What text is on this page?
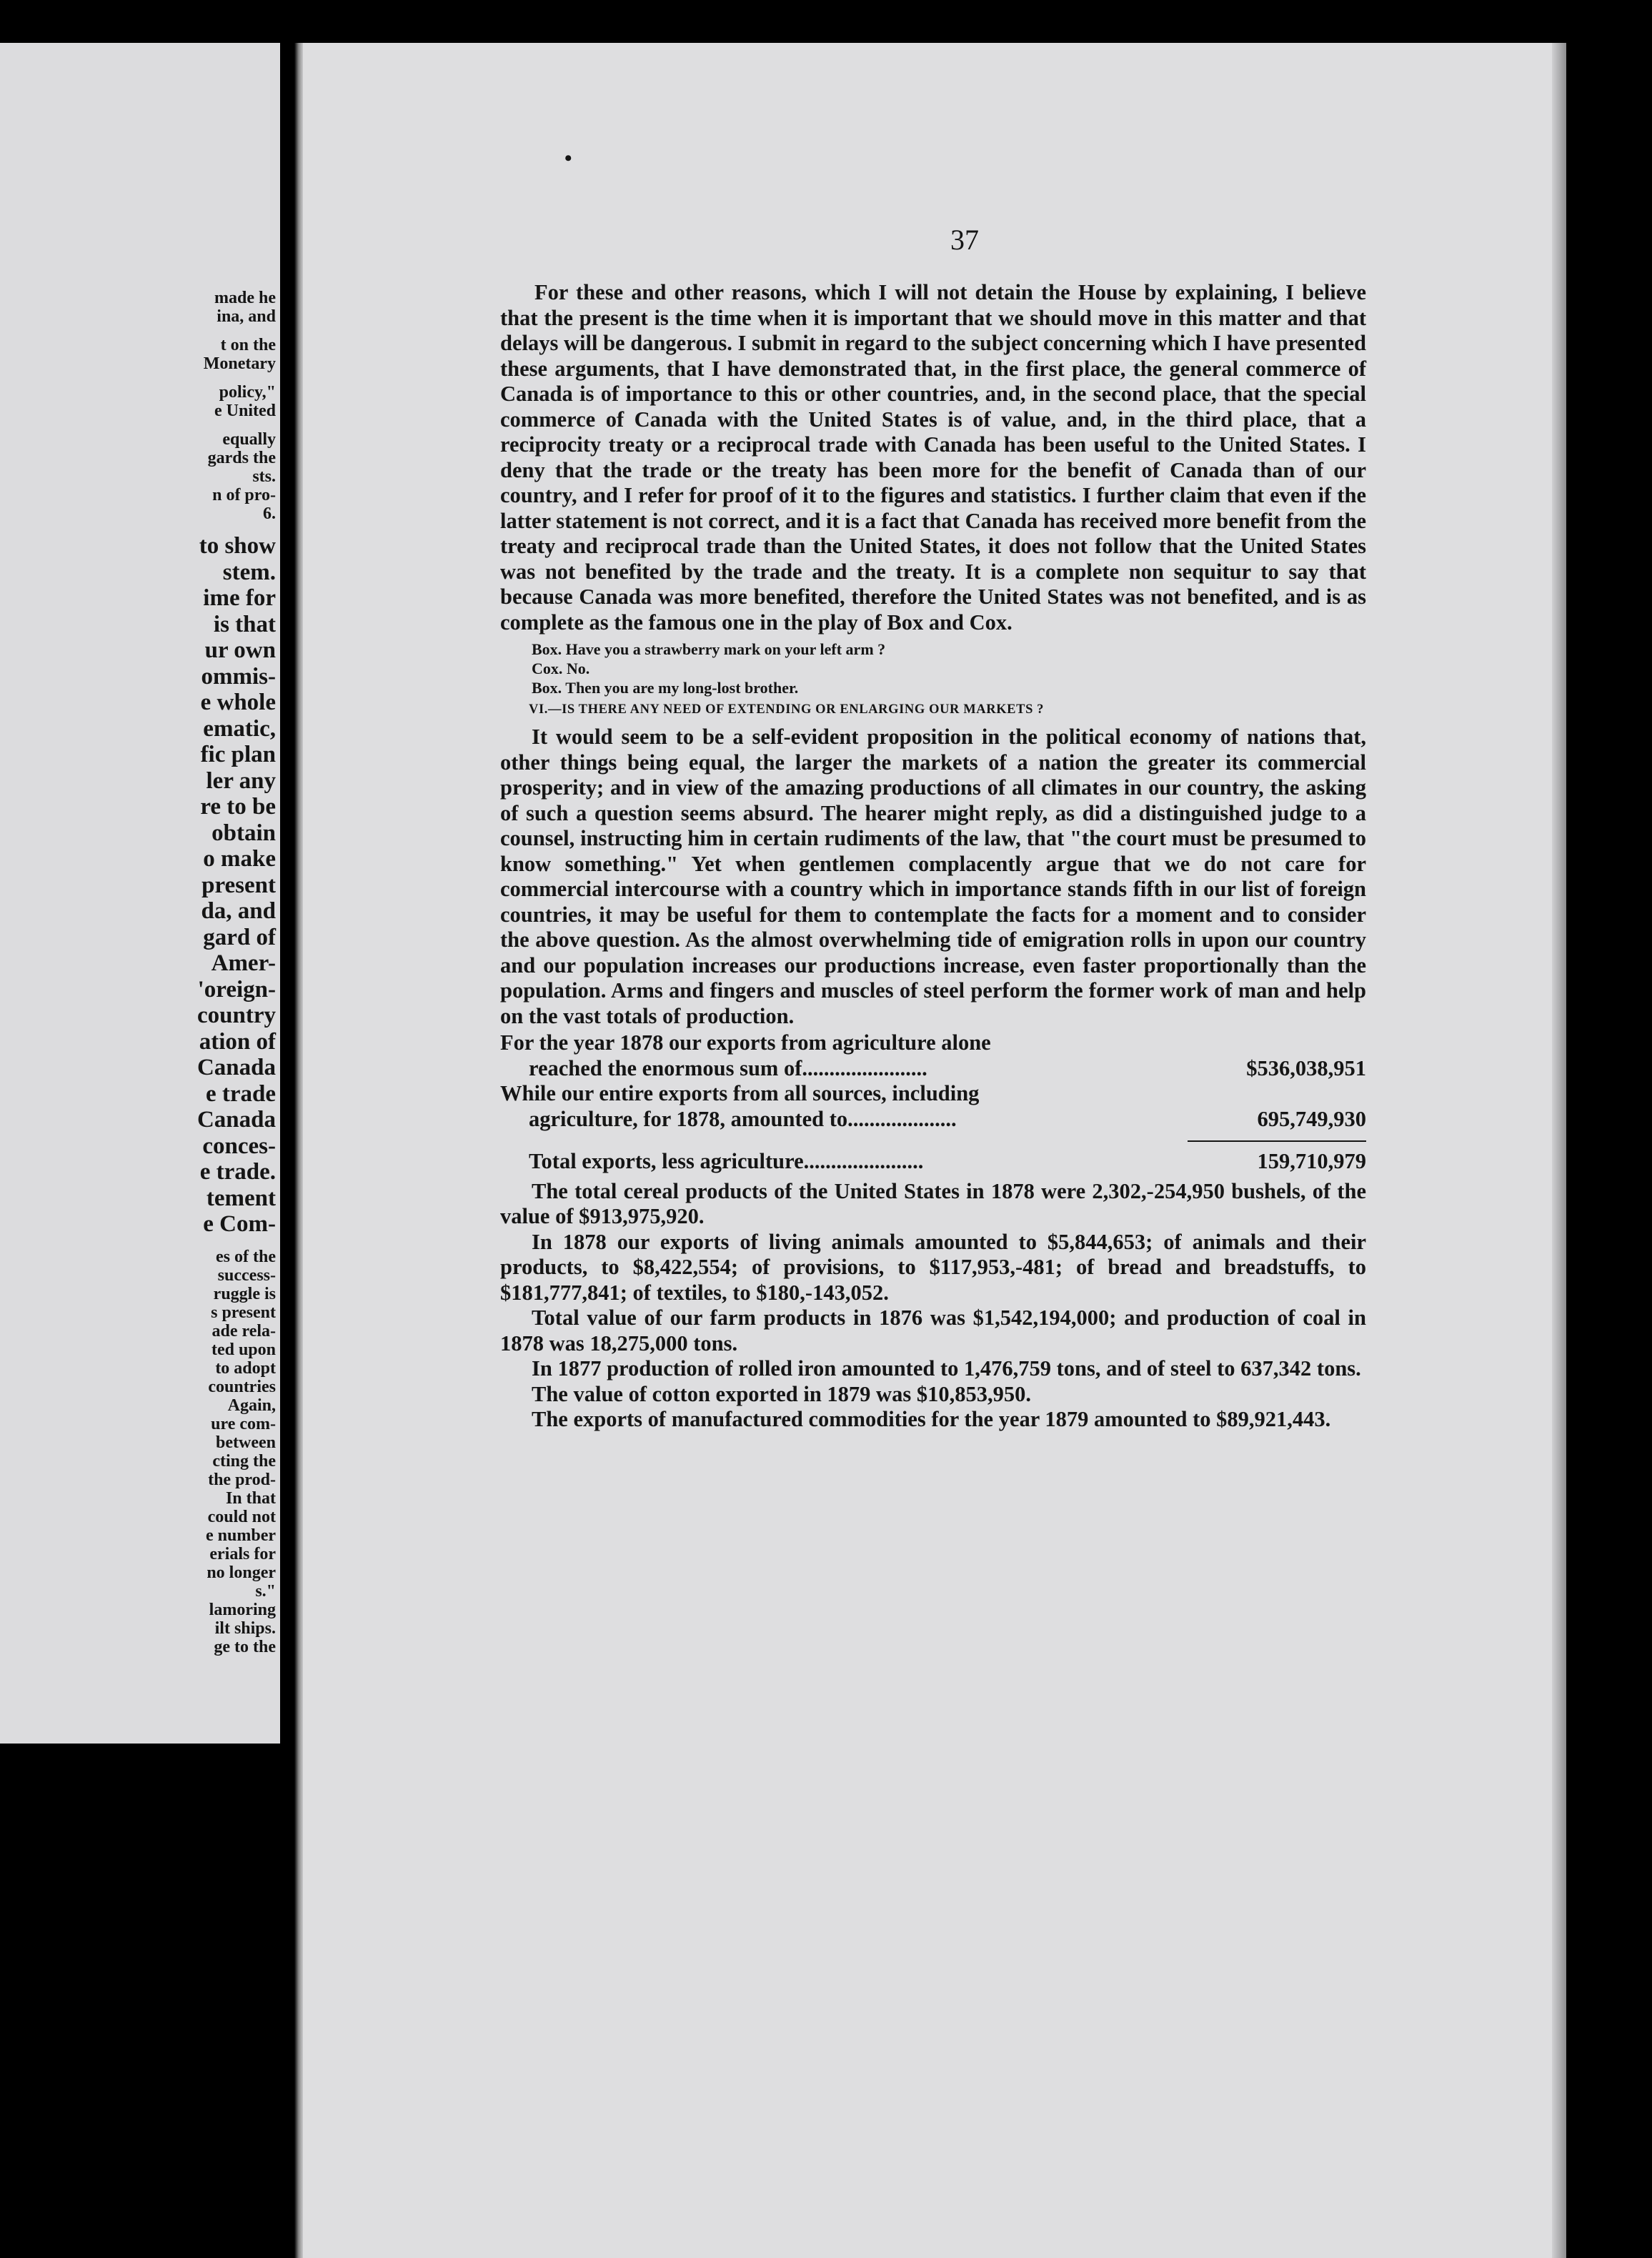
made he
ina, and
t on the
Monetary
policy,"
e United
equally
gards the
sts.
n of pro-
6.
to show
stem.
ime for
is that
ur own
ommis-
e whole
ematic,
fic plan
ler any
re to be
obtain
o make
present
da, and
gard of
Amer-
'oreign-
country
ation of
Canada
e trade
Canada
conces-
e trade.
tement
e Com-
es of the
success-
ruggle is
s present
ade rela-
ted upon
to adopt
countries
Again,
ure com-
between
cting the
the prod-
In that
could not
e number
erials for
no longer
s."
lamoring
ilt ships.
ge to the
•
37

For these and other reasons, which I will not detain the House by explaining, I believe that the present is the time when it is important that we should move in this matter and that delays will be dangerous. I submit in regard to the subject concerning which I have presented these arguments, that I have demonstrated that, in the first place, the general commerce of Canada is of importance to this or other countries, and, in the second place, that the special commerce of Canada with the United States is of value, and, in the third place, that a reciprocity treaty or a reciprocal trade with Canada has been useful to the United States. I deny that the trade or the treaty has been more for the benefit of Canada than of our country, and I refer for proof of it to the figures and statistics. I further claim that even if the latter statement is not correct, and it is a fact that Canada has received more benefit from the treaty and reciprocal trade than the United States, it does not follow that the United States was not benefited by the trade and the treaty. It is a complete non sequitur to say that because Canada was more benefited, therefore the United States was not benefited, and is as complete as the famous one in the play of Box and Cox.

Box. Have you a strawberry mark on your left arm ?
Cox. No.
Box. Then you are my long-lost brother.
VI.—IS THERE ANY NEED OF EXTENDING OR ENLARGING OUR MARKETS ?

It would seem to be a self-evident proposition in the political economy of nations that, other things being equal, the larger the markets of a nation the greater its commercial prosperity; and in view of the amazing productions of all climates in our country, the asking of such a question seems absurd. The hearer might reply, as did a distinguished judge to a counsel, instructing him in certain rudiments of the law, that "the court must be presumed to know something." Yet when gentlemen complacently argue that we do not care for commercial intercourse with a country which in importance stands fifth in our list of foreign countries, it may be useful for them to contemplate the facts for a moment and to consider the above question. As the almost overwhelming tide of emigration rolls in upon our country and our population increases our productions increase, even faster proportionally than the population. Arms and fingers and muscles of steel perform the former work of man and help on the vast totals of production.

For the year 1878 our exports from agriculture alone
reached the enormous sum of.......................	$536,038,951
While our entire exports from all sources, including
agriculture, for 1878, amounted to....................	695,749,930
Total exports, less agriculture......................	159,710,979

The total cereal products of the United States in 1878 were 2,302,-254,950 bushels, of the value of $913,975,920.

In 1878 our exports of living animals amounted to $5,844,653; of animals and their products, to $8,422,554; of provisions, to $117,953,-481; of bread and breadstuffs, to $181,777,841; of textiles, to $180,-143,052.

Total value of our farm products in 1876 was $1,542,194,000; and production of coal in 1878 was 18,275,000 tons.

In 1877 production of rolled iron amounted to 1,476,759 tons, and of steel to 637,342 tons.

The value of cotton exported in 1879 was $10,853,950.

The exports of manufactured commodities for the year 1879 amounted to $89,921,443.
